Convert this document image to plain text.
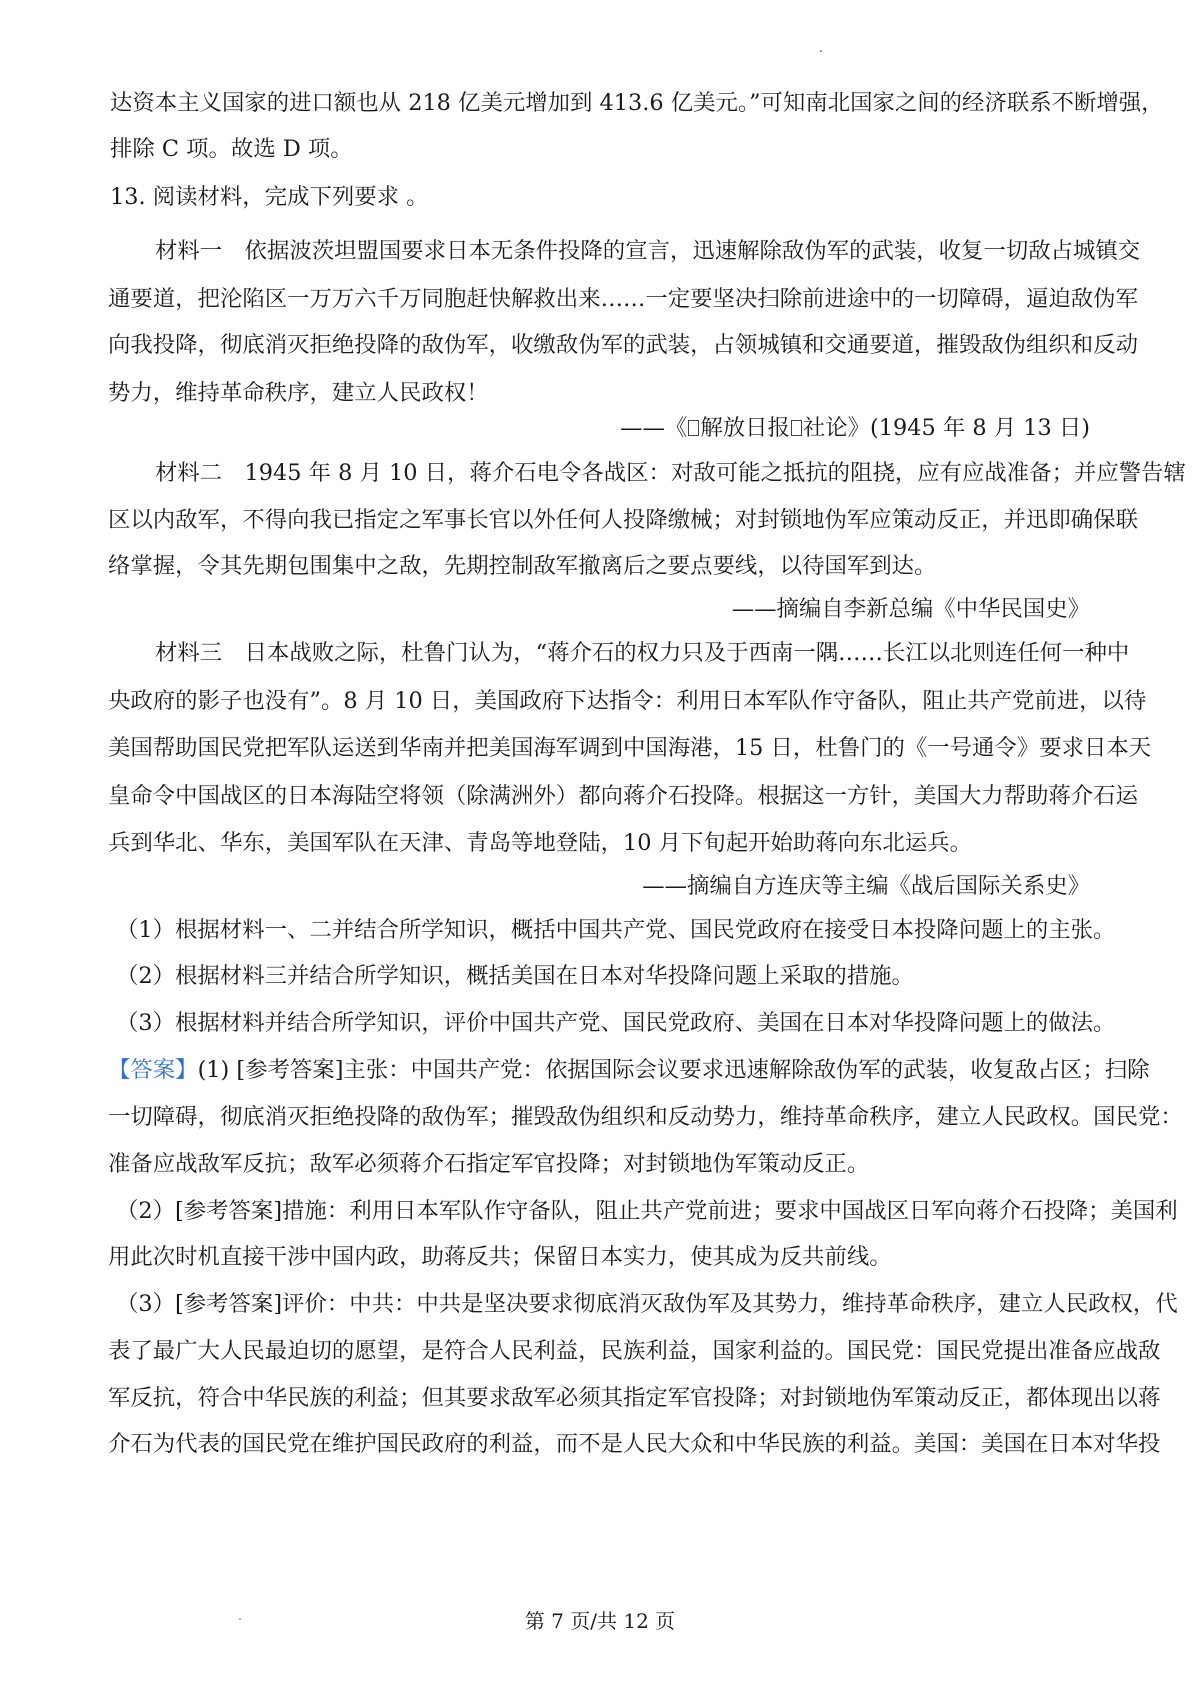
达资本主义国家的进口额也从 218 亿美元增加到 413.6 亿美元。”可知南北国家之间的经济联系不断增强，
排除 C 项。故选 D 项。
13. 阅读材料，完成下列要求 。
材料一　依据波茨坦盟国要求日本无条件投降的宣言，迅速解除敌伪军的武装，收复一切敌占城镇交
通要道，把沦陷区一万万六千万同胞赶快解救出来……一定要坚决扫除前进途中的一切障碍，逼迫敌伪军
向我投降，彻底消灭拒绝投降的敌伪军，收缴敌伪军的武装，占领城镇和交通要道，摧毁敌伪组织和反动
势力，维持革命秩序，建立人民政权！
——《 解放日报 社论》(1945 年 8 月 13 日)
材料二　1945 年 8 月 10 日，蒋介石电令各战区：对敌可能之抵抗的阻挠，应有应战准备；并应警告辖
区以内敌军，不得向我已指定之军事长官以外任何人投降缴械；对封锁地伪军应策动反正，并迅即确保联
络掌握，令其先期包围集中之敌，先期控制敌军撤离后之要点要线，以待国军到达。
——摘编自李新总编《中华民国史》
材料三　日本战败之际，杜鲁门认为，“蒋介石的权力只及于西南一隅……长江以北则连任何一种中
央政府的影子也没有”。8 月 10 日，美国政府下达指令：利用日本军队作守备队，阻止共产党前进，以待
美国帮助国民党把军队运送到华南并把美国海军调到中国海港，15 日，杜鲁门的《一号通令》要求日本天
皇命令中国战区的日本海陆空将领（除满洲外）都向蒋介石投降。根据这一方针，美国大力帮助蒋介石运
兵到华北、华东，美国军队在天津、青岛等地登陆，10 月下旬起开始助蒋向东北运兵。
——摘编自方连庆等主编《战后国际关系史》
（1）根据材料一、二并结合所学知识，概括中国共产党、国民党政府在接受日本投降问题上的主张。
（2）根据材料三并结合所学知识，概括美国在日本对华投降问题上采取的措施。
（3）根据材料并结合所学知识，评价中国共产党、国民党政府、美国在日本对华投降问题上的做法。
【答案】(1) [参考答案]主张：中国共产党：依据国际会议要求迅速解除敌伪军的武装，收复敌占区；扫除
一切障碍，彻底消灭拒绝投降的敌伪军；摧毁敌伪组织和反动势力，维持革命秩序，建立人民政权。国民党：
准备应战敌军反抗；敌军必须蒋介石指定军官投降；对封锁地伪军策动反正。
（2）[参考答案]措施：利用日本军队作守备队，阻止共产党前进；要求中国战区日军向蒋介石投降；美国利
用此次时机直接干涉中国内政，助蒋反共；保留日本实力，使其成为反共前线。
（3）[参考答案]评价：中共：中共是坚决要求彻底消灭敌伪军及其势力，维持革命秩序，建立人民政权，代
表了最广大人民最迫切的愿望，是符合人民利益，民族利益，国家利益的。国民党：国民党提出准备应战敌
军反抗，符合中华民族的利益；但其要求敌军必须其指定军官投降；对封锁地伪军策动反正，都体现出以蒋
介石为代表的国民党在维护国民政府的利益，而不是人民大众和中华民族的利益。美国：美国在日本对华投
第 7 页/共 12 页
